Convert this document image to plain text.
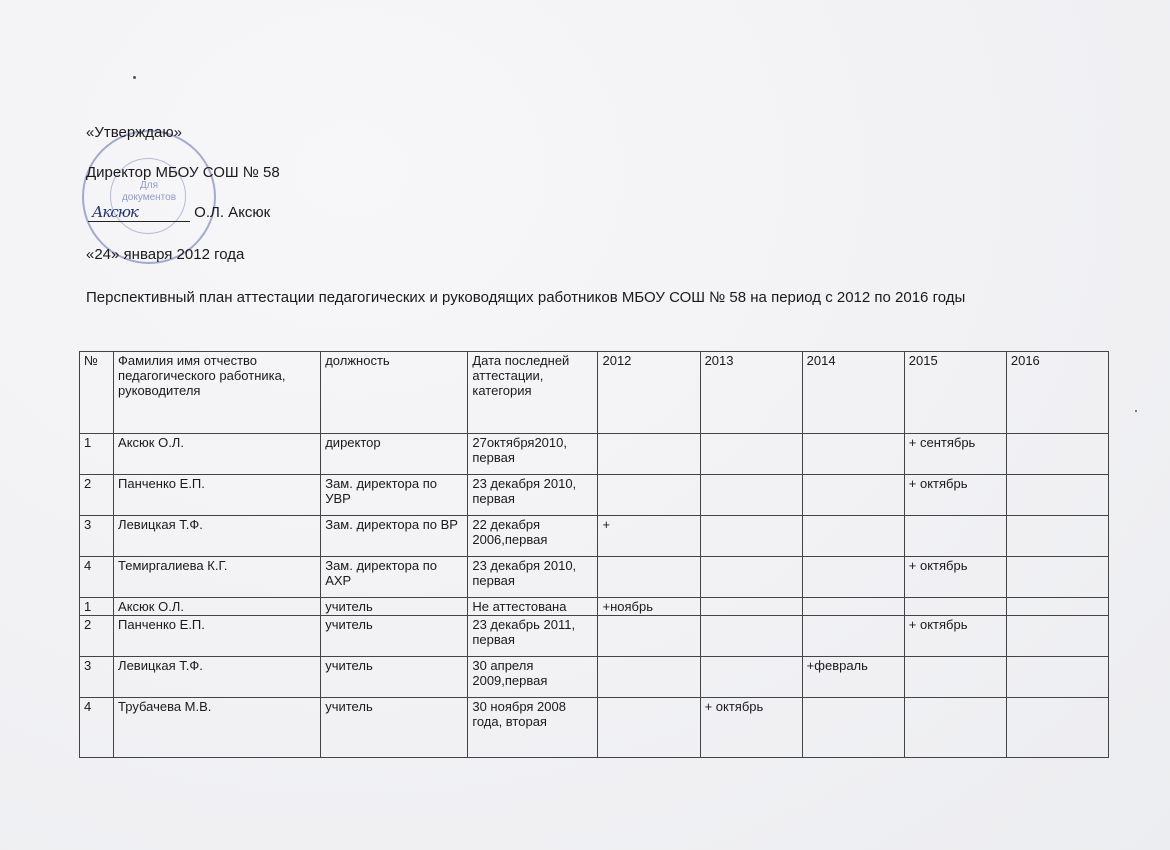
Для
документов
«Утверждаю»
Директор МБОУ СОШ № 58
Аксюк	О.Л. Аксюк
«24» января 2012 года
Перспективный план аттестации педагогических и руководящих работников МБОУ СОШ № 58 на период с 2012 по 2016 годы
№	Фамилия имя отчество педагогического работника, руководителя	должность	Дата последней аттестации, категория	2012	2013	2014	2015	2016
1	Аксюк О.Л.	директор	27октября2010, первая				+ сентябрь	
2	Панченко Е.П.	Зам. директора по УВР	23 декабря 2010, первая				+ октябрь	
3	Левицкая Т.Ф.	Зам. директора по ВР	22 декабря 2006,первая	+				
4	Темиргалиева К.Г.	Зам. директора по АХР	23 декабря 2010, первая				+ октябрь	
1	Аксюк О.Л.	учитель	Не аттестована	+ноябрь				
2	Панченко Е.П.	учитель	23 декабрь 2011, первая				+ октябрь	
3	Левицкая Т.Ф.	учитель	30 апреля 2009,первая			+февраль		
4	Трубачева М.В.	учитель	30 ноября 2008 года, вторая		+ октябрь			
